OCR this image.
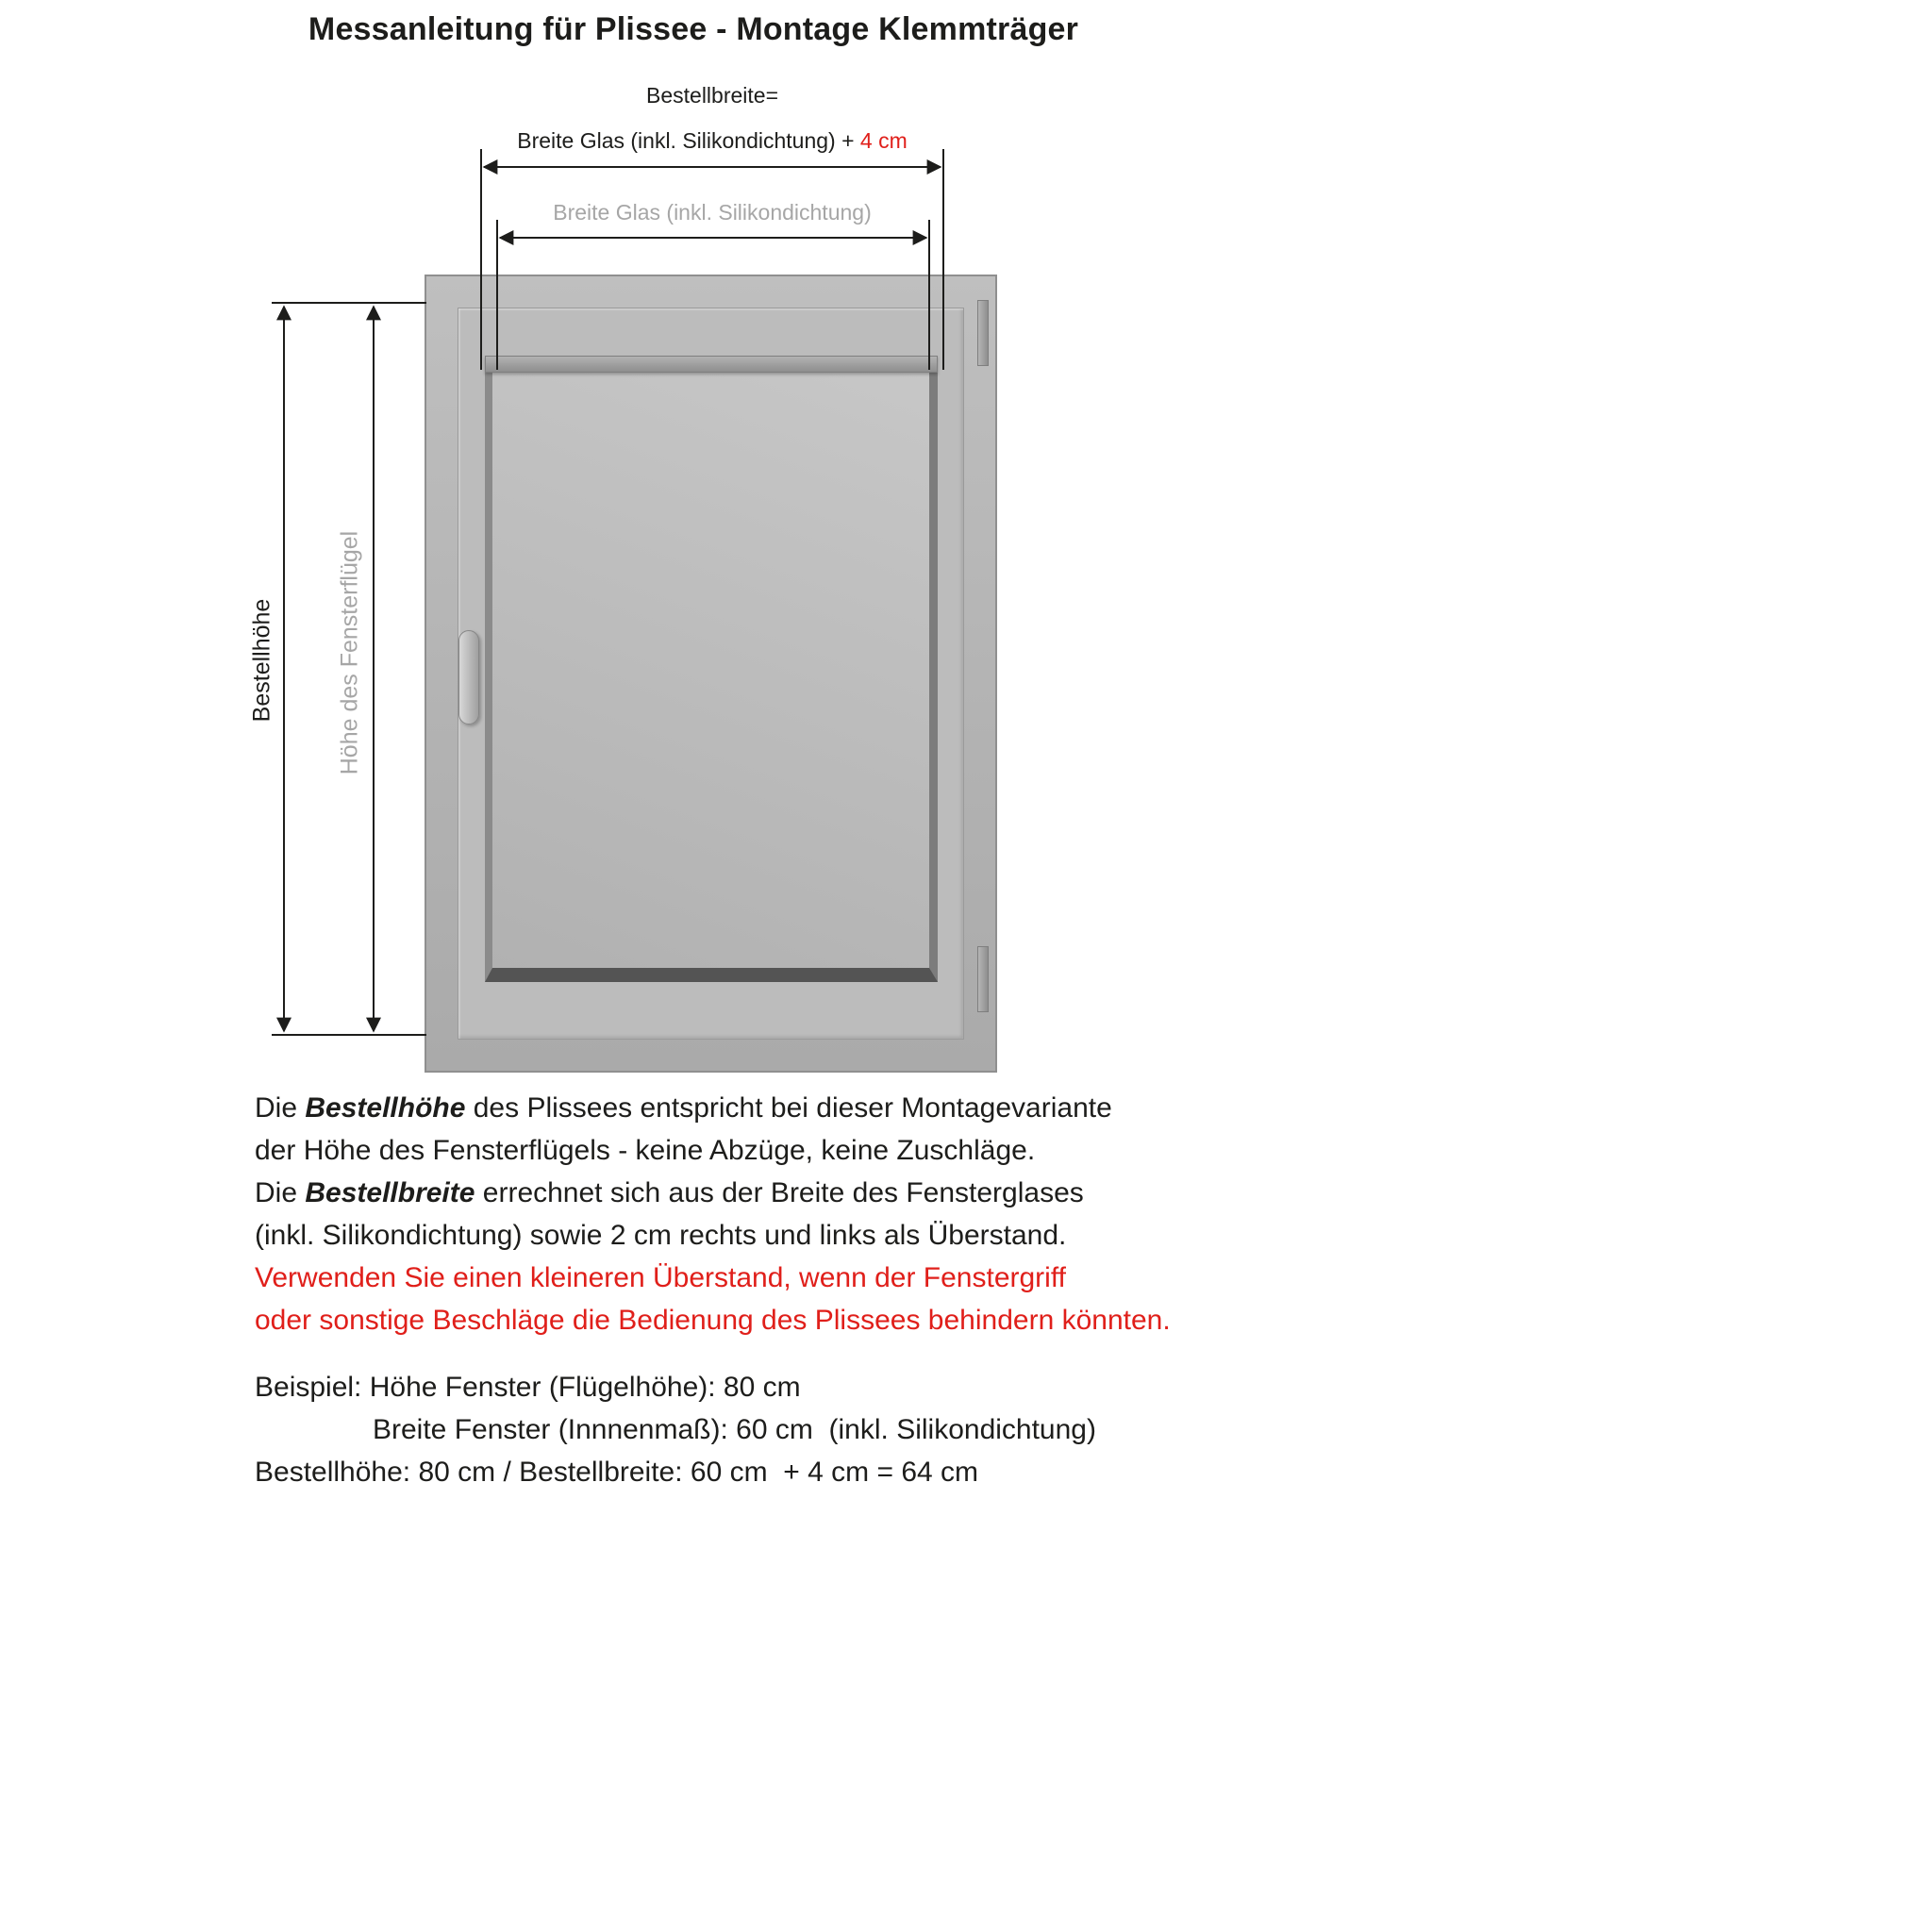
Messanleitung für Plissee - Montage Klemmträger
Bestellbreite=
Breite Glas (inkl. Silikondichtung) + 4 cm
Breite Glas (inkl. Silikondichtung)
Bestellhöhe	Höhe des Fensterflügel
Die Bestellhöhe des Plissees entspricht bei dieser Montagevariante
der Höhe des Fensterflügels - keine Abzüge, keine Zuschläge.
Die Bestellbreite errechnet sich aus der Breite des Fensterglases
(inkl. Silikondichtung) sowie 2 cm rechts und links als Überstand.
Verwenden Sie einen kleineren Überstand, wenn der Fenstergriff
oder sonstige Beschläge die Bedienung des Plissees behindern könnten.
Beispiel: Höhe Fenster (Flügelhöhe): 80 cm
Breite Fenster (Innnenmaß): 60 cm  (inkl. Silikondichtung)
Bestellhöhe: 80 cm / Bestellbreite: 60 cm  + 4 cm = 64 cm
